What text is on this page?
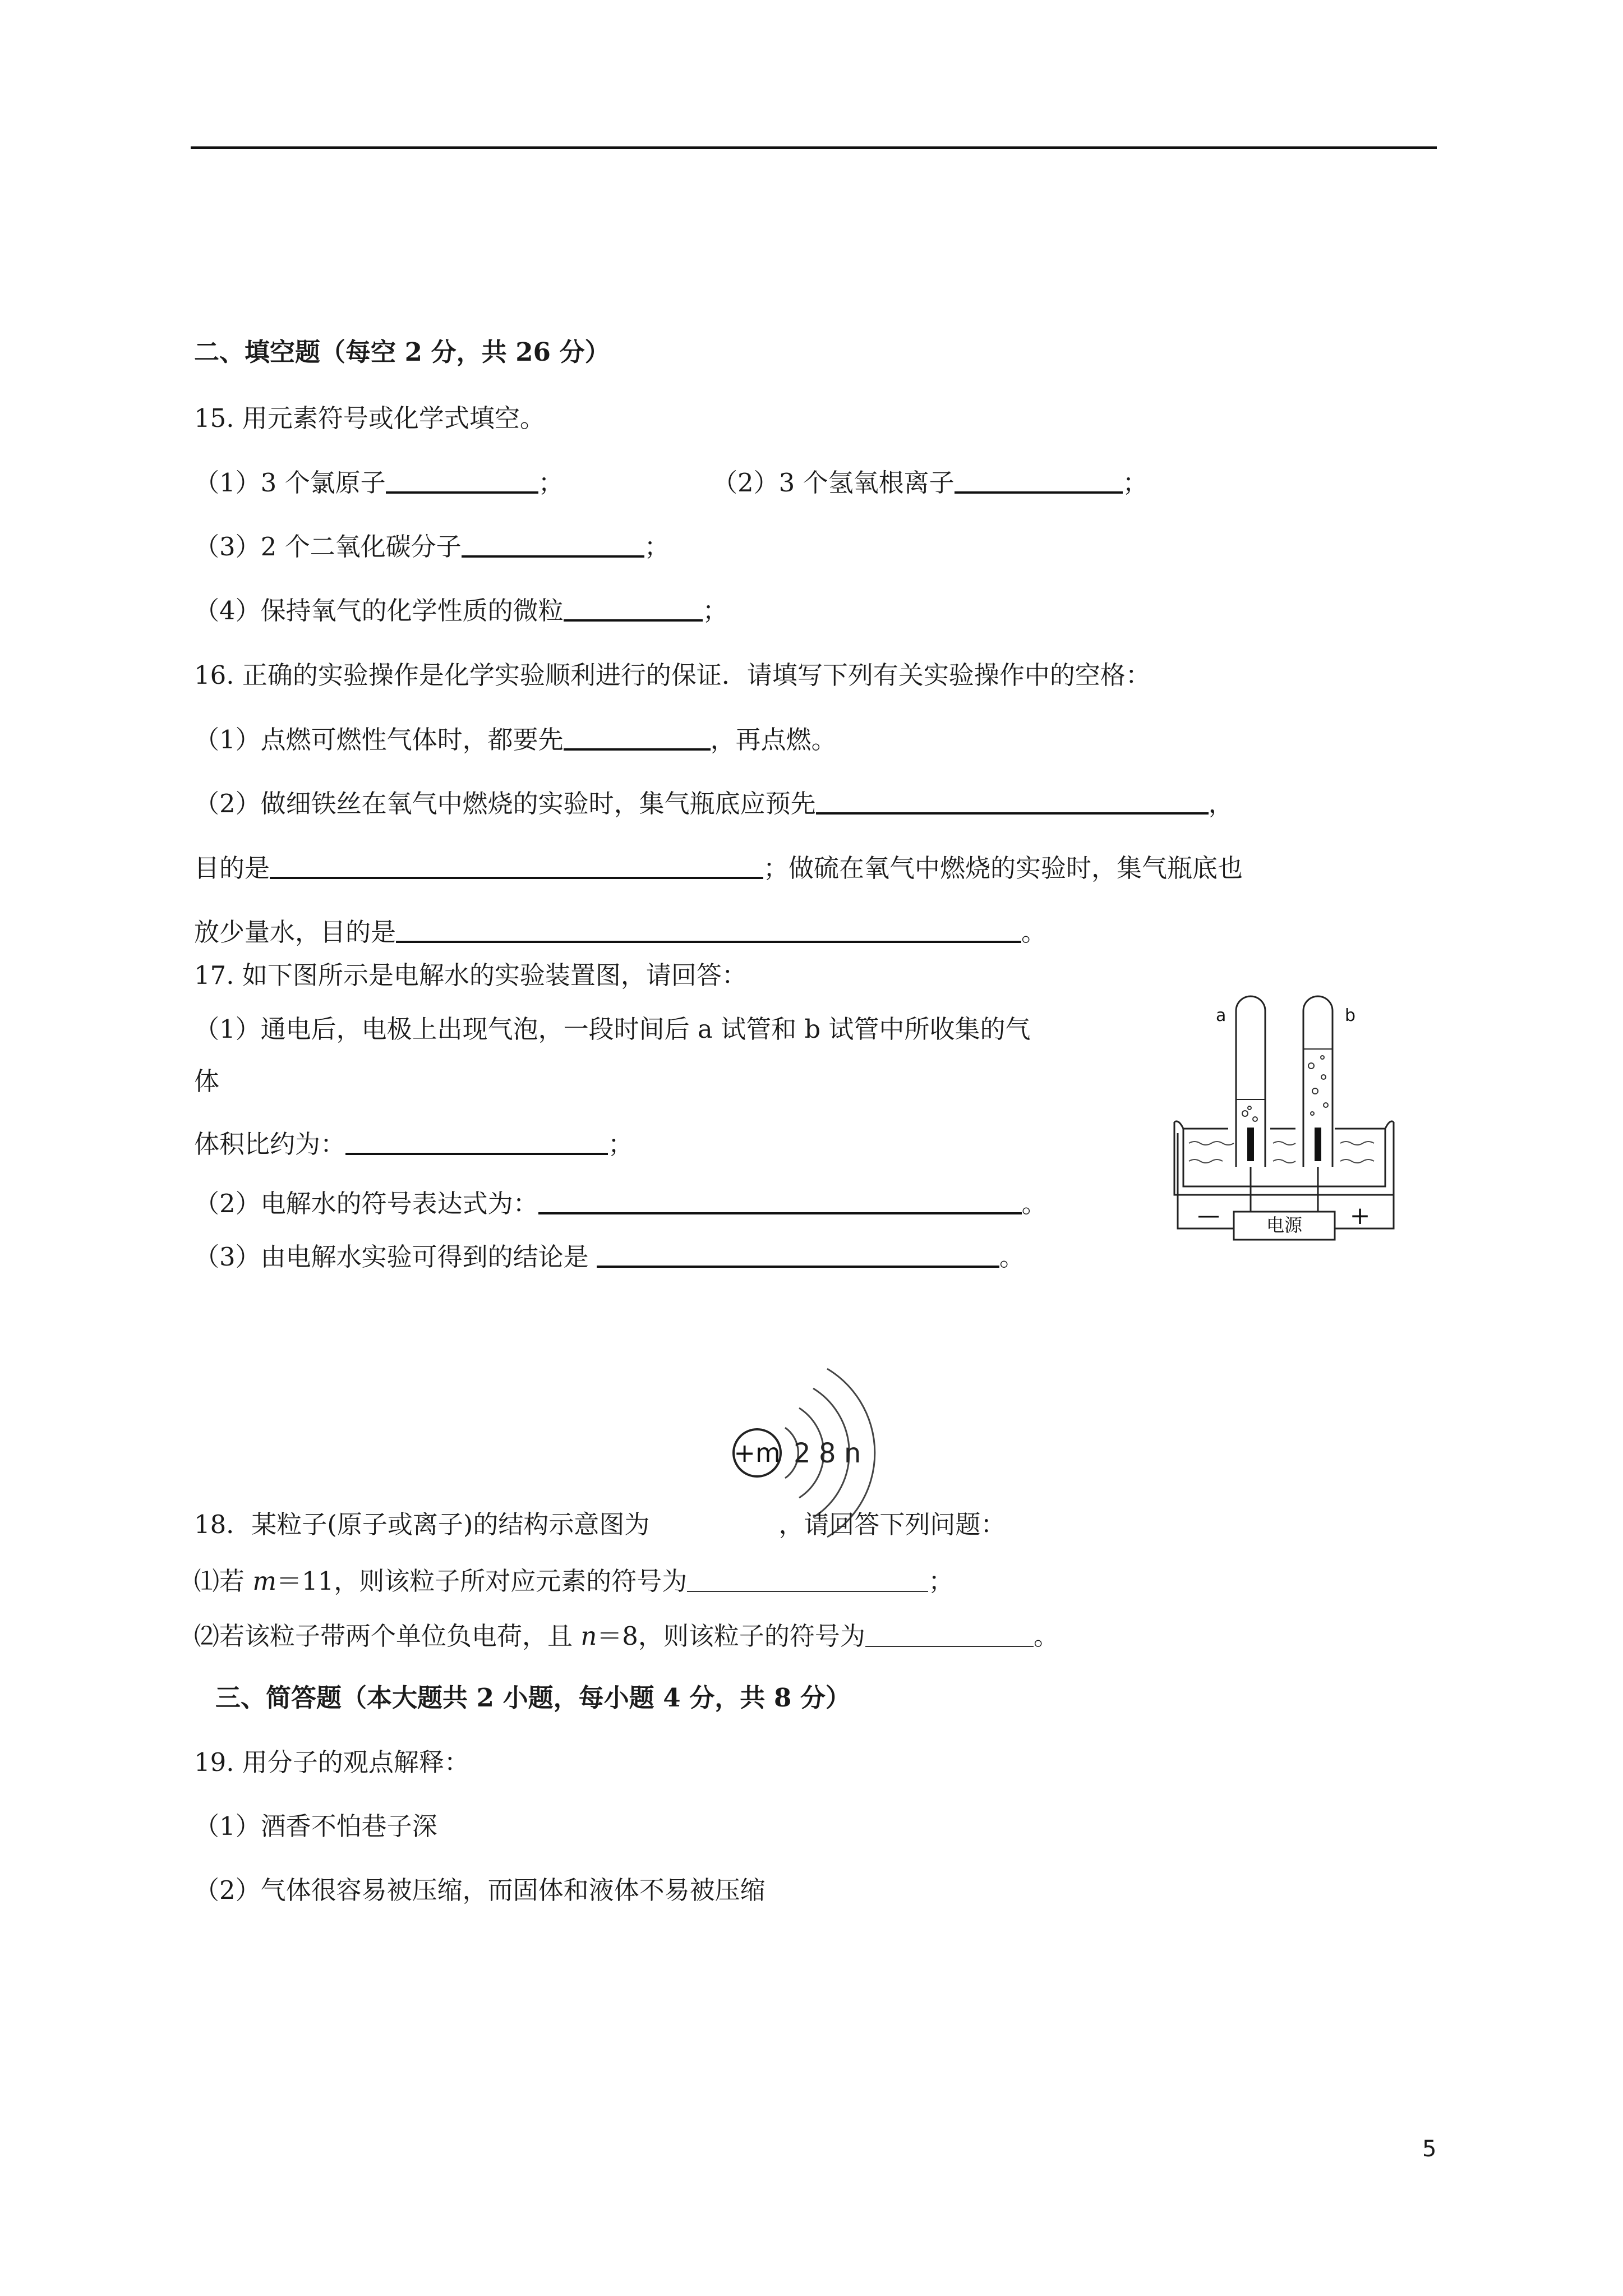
二、填空题（每空 2 分，共 26 分）
15. 用元素符号或化学式填空。
（1）3 个氯原子	；	（2）3 个氢氧根离子	；
（3）2 个二氧化碳分子	；
（4）保持氧气的化学性质的微粒	；
16. 正确的实验操作是化学实验顺利进行的保证．请填写下列有关实验操作中的空格：
（1）点燃可燃性气体时，都要先	，再点燃。
（2）做细铁丝在氧气中燃烧的实验时，集气瓶底应预先	，
目的是	；做硫在氧气中燃烧的实验时，集气瓶底也
放少量水，目的是	。
17. 如下图所示是电解水的实验装置图，请回答：
（1）通电后，电极上出现气泡，一段时间后 a 试管和 b 试管中所收集的气
体
体积比约为：	；
（2）电解水的符号表达式为：	。
（3）由电解水实验可得到的结论是	。
电源
—	+
a	b
+m 2 8 n
18．某粒子(原子或离子)的结构示意图为	，请回答下列问题：
⑴若 m＝11，则该粒子所对应元素的符号为	；
⑵若该粒子带两个单位负电荷，且 n＝8，则该粒子的符号为	。
三、简答题（本大题共 2 小题，每小题 4 分，共 8 分）
19. 用分子的观点解释：
（1）酒香不怕巷子深
（2）气体很容易被压缩，而固体和液体不易被压缩
5
